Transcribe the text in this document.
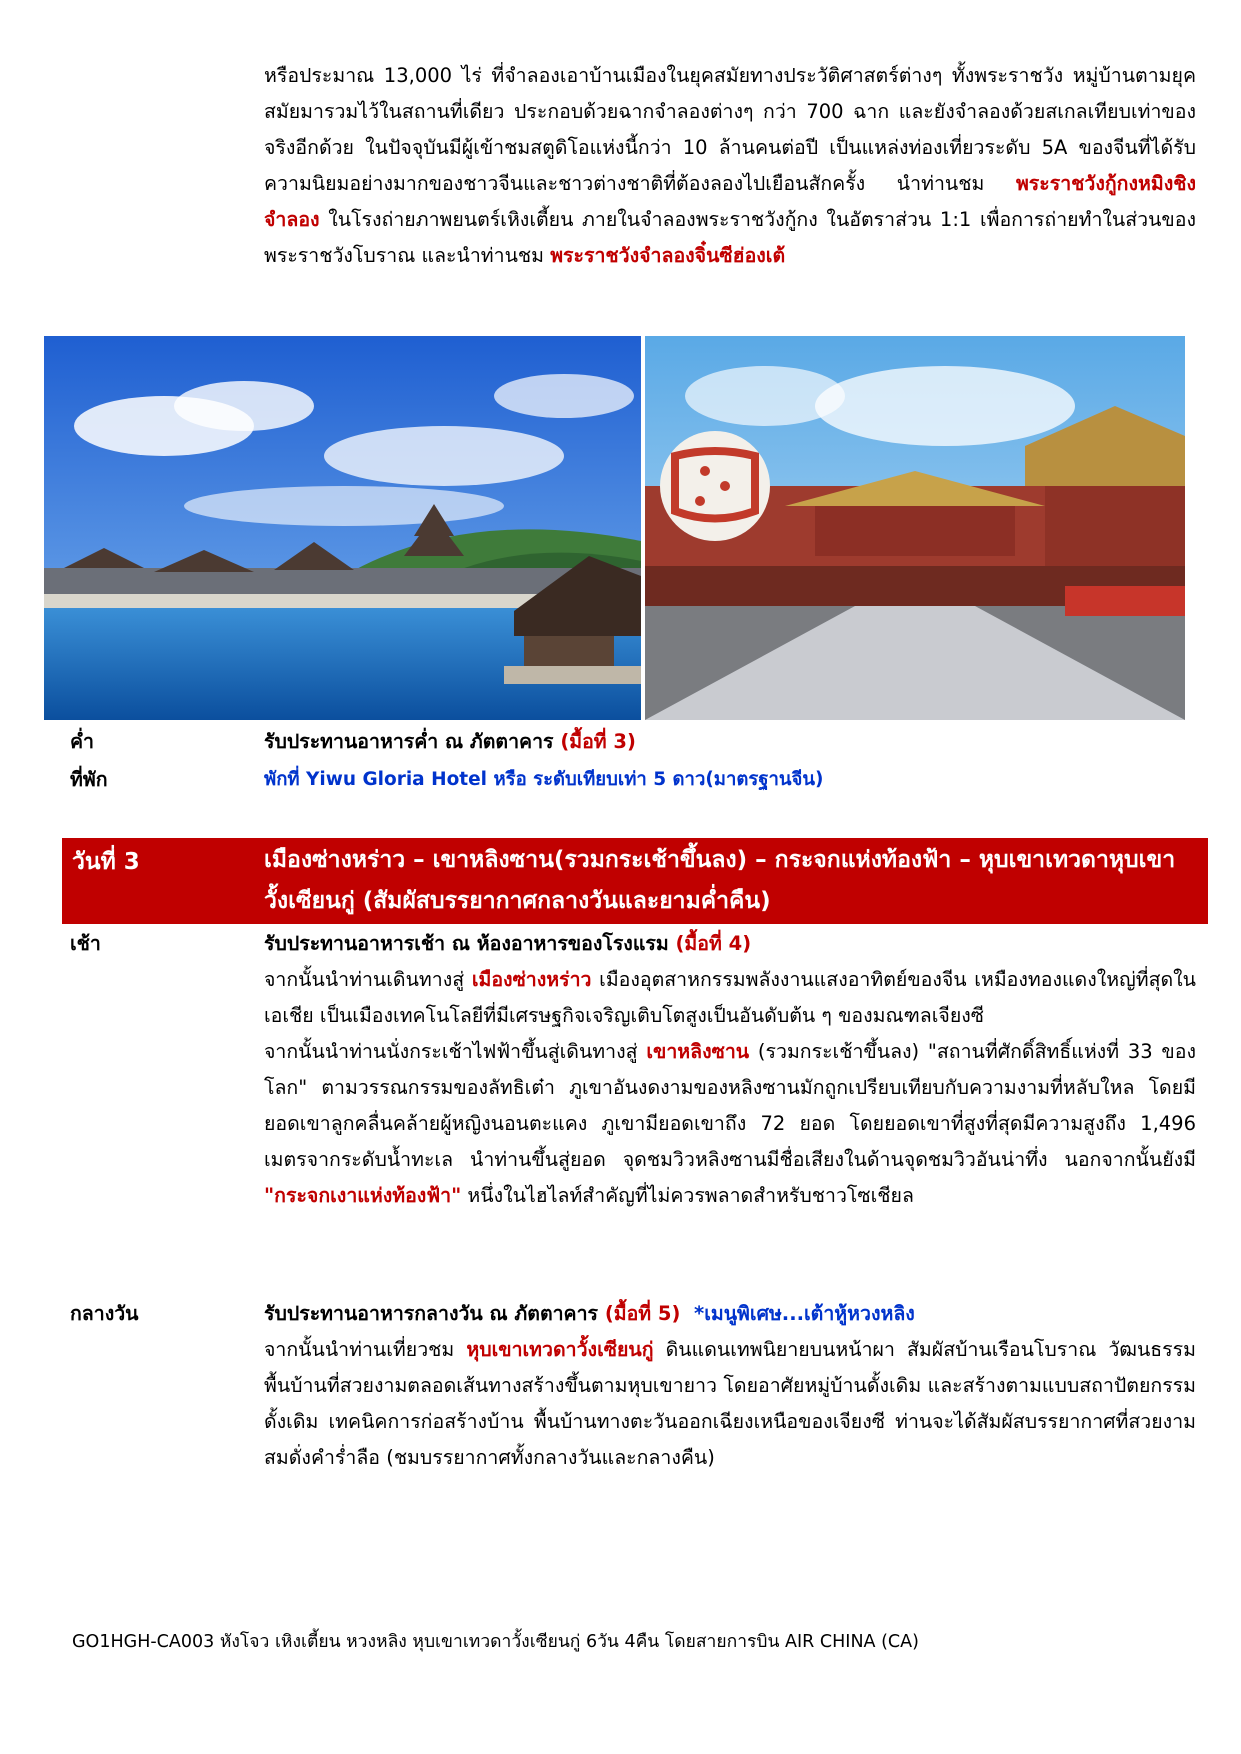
หรือประมาณ 13,000 ไร่ ที่จำลองเอาบ้านเมืองในยุคสมัยทางประวัติศาสตร์ต่างๆ ทั้งพระราชวัง หมู่บ้านตามยุคสมัยมารวมไว้ในสถานที่เดียว ประกอบด้วยฉากจำลองต่างๆ กว่า 700 ฉาก และยังจำลองด้วยสเกลเทียบเท่าของจริงอีกด้วย ในปัจจุบันมีผู้เข้าชมสตูดิโอแห่งนี้กว่า 10 ล้านคนต่อปี เป็นแหล่งท่องเที่ยวระดับ 5A ของจีนที่ได้รับความนิยมอย่างมากของชาวจีนและชาวต่างชาติที่ต้องลองไปเยือนสักครั้ง นำท่านชม พระราชวังกู้กงหมิงชิงจำลอง ในโรงถ่ายภาพยนตร์เหิงเตี้ยน ภายในจำลองพระราชวังกู้กง ในอัตราส่วน 1:1 เพื่อการถ่ายทำในส่วนของพระราชวังโบราณ และนำท่านชม พระราชวังจำลองจิ๋นซีฮ่องเต้

ค่ำ	รับประทานอาหารค่ำ ณ ภัตตาคาร (มื้อที่ 3)
ที่พัก	พักที่ Yiwu Gloria Hotel หรือ ระดับเทียบเท่า 5 ดาว(มาตรฐานจีน)
วันที่ 3	เมืองซ่างหร่าว – เขาหลิงซาน(รวมกระเช้าขึ้นลง) – กระจกแห่งท้องฟ้า – หุบเขาเทวดาหุบเขาวั้งเซียนกู่ (สัมผัสบรรยากาศกลางวันและยามค่ำคืน)
เช้า	รับประทานอาหารเช้า ณ ห้องอาหารของโรงแรม (มื้อที่ 4)
จากนั้นนำท่านเดินทางสู่ เมืองซ่างหร่าว เมืองอุตสาหกรรมพลังงานแสงอาทิตย์ของจีน เหมืองทองแดงใหญ่ที่สุดในเอเชีย เป็นเมืองเทคโนโลยีที่มีเศรษฐกิจเจริญเติบโตสูงเป็นอันดับต้น ๆ ของมณฑลเจียงซี
จากนั้นนำท่านนั่งกระเช้าไฟฟ้าขึ้นสู่เดินทางสู่ เขาหลิงซาน (รวมกระเช้าขึ้นลง) "สถานที่ศักดิ์สิทธิ์แห่งที่ 33 ของโลก" ตามวรรณกรรมของลัทธิเต๋า ภูเขาอันงดงามของหลิงซานมักถูกเปรียบเทียบกับความงามที่หลับใหล โดยมียอดเขาลูกคลื่นคล้ายผู้หญิงนอนตะแคง ภูเขามียอดเขาถึง 72 ยอด โดยยอดเขาที่สูงที่สุดมีความสูงถึง 1,496 เมตรจากระดับน้ำทะเล นำท่านขึ้นสู่ยอด จุดชมวิวหลิงซานมีชื่อเสียงในด้านจุดชมวิวอันน่าทึ่ง นอกจากนั้นยังมี "กระจกเงาแห่งท้องฟ้า" หนึ่งในไฮไลท์สำคัญที่ไม่ควรพลาดสำหรับชาวโซเชียล
กลางวัน	รับประทานอาหารกลางวัน ณ ภัตตาคาร (มื้อที่ 5) *เมนูพิเศษ...เต้าหู้หวงหลิง
จากนั้นนำท่านเที่ยวชม หุบเขาเทวดาวั้งเซียนกู่ ดินแดนเทพนิยายบนหน้าผา สัมผัสบ้านเรือนโบราณ วัฒนธรรมพื้นบ้านที่สวยงามตลอดเส้นทางสร้างขึ้นตามหุบเขายาว โดยอาศัยหมู่บ้านดั้งเดิม และสร้างตามแบบสถาปัตยกรรมดั้งเดิม เทคนิคการก่อสร้างบ้าน พื้นบ้านทางตะวันออกเฉียงเหนือของเจียงซี ท่านจะได้สัมผัสบรรยากาศที่สวยงามสมดั่งคำร่ำลือ (ชมบรรยากาศทั้งกลางวันและกลางคืน)
GO1HGH-CA003 หังโจว เหิงเตี้ยน หวงหลิง หุบเขาเทวดาวั้งเซียนกู่ 6วัน 4คืน โดยสายการบิน AIR CHINA (CA)
